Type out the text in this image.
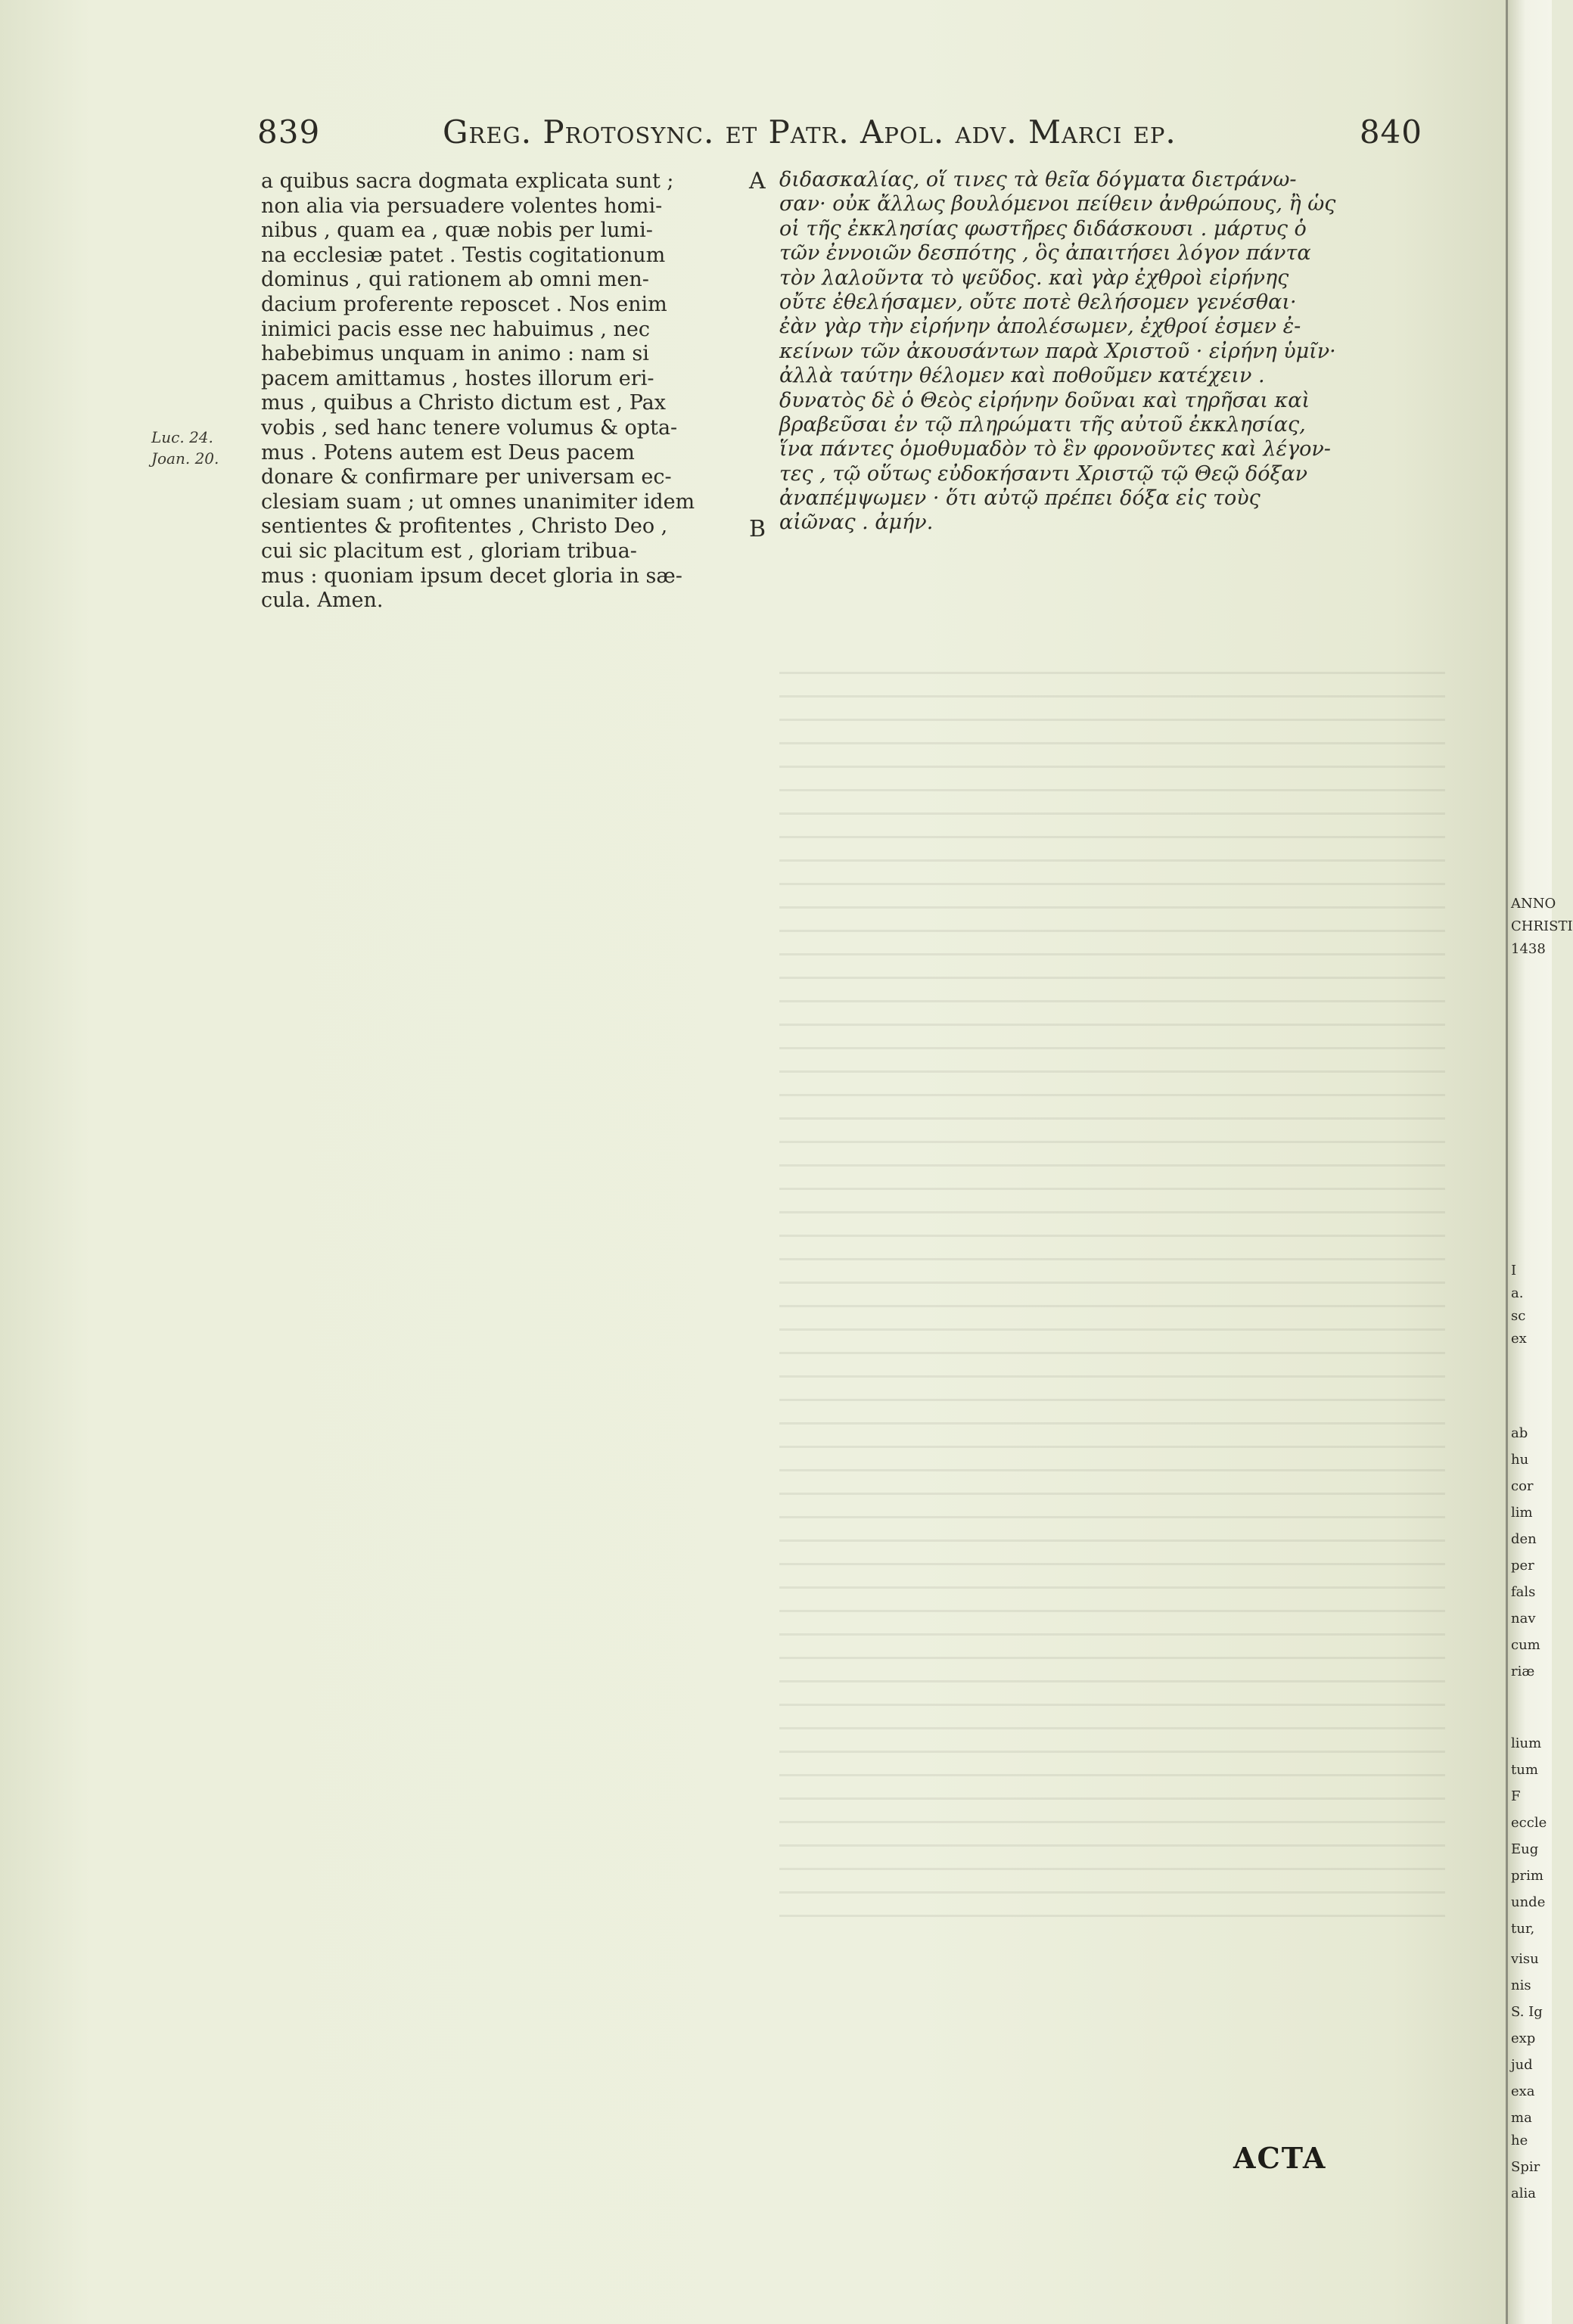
839	Greg. Protosync. et Patr. Apol. adv. Marci ep.	840
a quibus sacra dogmata explicata sunt ;
non alia via persuadere volentes homi-
nibus , quam ea , quæ nobis per lumi-
na ecclesiæ patet . Testis cogitationum
dominus , qui rationem ab omni men-
dacium proferente reposcet . Nos enim
inimici pacis esse nec habuimus , nec
habebimus unquam in animo : nam si
pacem amittamus , hostes illorum eri-
mus , quibus a Christo dictum est , Pax
vobis , sed hanc tenere volumus & opta-
mus . Potens autem est Deus pacem
donare & confirmare per universam ec-
clesiam suam ; ut omnes unanimiter idem
sentientes & profitentes , Christo Deo ,
cui sic placitum est , gloriam tribua-
mus : quoniam ipsum decet gloria in sæ-
cula. Amen.
A
B
Luc. 24.
Joan. 20.
διδασκαλίας, οἵ τινες τὰ θεῖα δόγματα διετράνω-
σαν· οὐκ ἄλλως βουλόμενοι πείθειν ἀνθρώπους, ἢ ὡς
οἱ τῆς ἐκκλησίας φωστῆρες διδάσκουσι . μάρτυς ὁ
τῶν ἐννοιῶν δεσπότης , ὃς ἀπαιτήσει λόγον πάντα
τὸν λαλοῦντα τὸ ψεῦδος. καὶ γὰρ ἐχθροὶ εἰρήνης
οὔτε ἐθελήσαμεν, οὔτε ποτὲ θελήσομεν γενέσθαι·
ἐὰν γὰρ τὴν εἰρήνην ἀπολέσωμεν, ἐχθροί ἐσμεν ἐ-
κείνων τῶν ἀκουσάντων παρὰ Χριστοῦ · εἰρήνη ὑμῖν·
ἀλλὰ ταύτην θέλομεν καὶ ποθοῦμεν κατέχειν .
δυνατὸς δὲ ὁ Θεὸς εἰρήνην δοῦναι καὶ τηρῆσαι καὶ
βραβεῦσαι ἐν τῷ πληρώματι τῆς αὐτοῦ ἐκκλησίας,
ἵνα πάντες ὁμοθυμαδὸν τὸ ἓν φρονοῦντες καὶ λέγον-
τες , τῷ οὕτως εὐδοκήσαντι Χριστῷ τῷ Θεῷ δόξαν
ἀναπέμψωμεν · ὅτι αὐτῷ πρέπει δόξα εἰς τοὺς
αἰῶνας . ἀμήν.
ACTA
ANNO
CHRISTI
1438
I
a.
sc
ex
ab
hu
cor
lim
den
per
fals
nav
cum
riæ
lium
tum
F
eccle
Eug
prim
unde
tur,
visu
nis
S. Ig
exp
jud
exa
ma
he
Spir
alia
